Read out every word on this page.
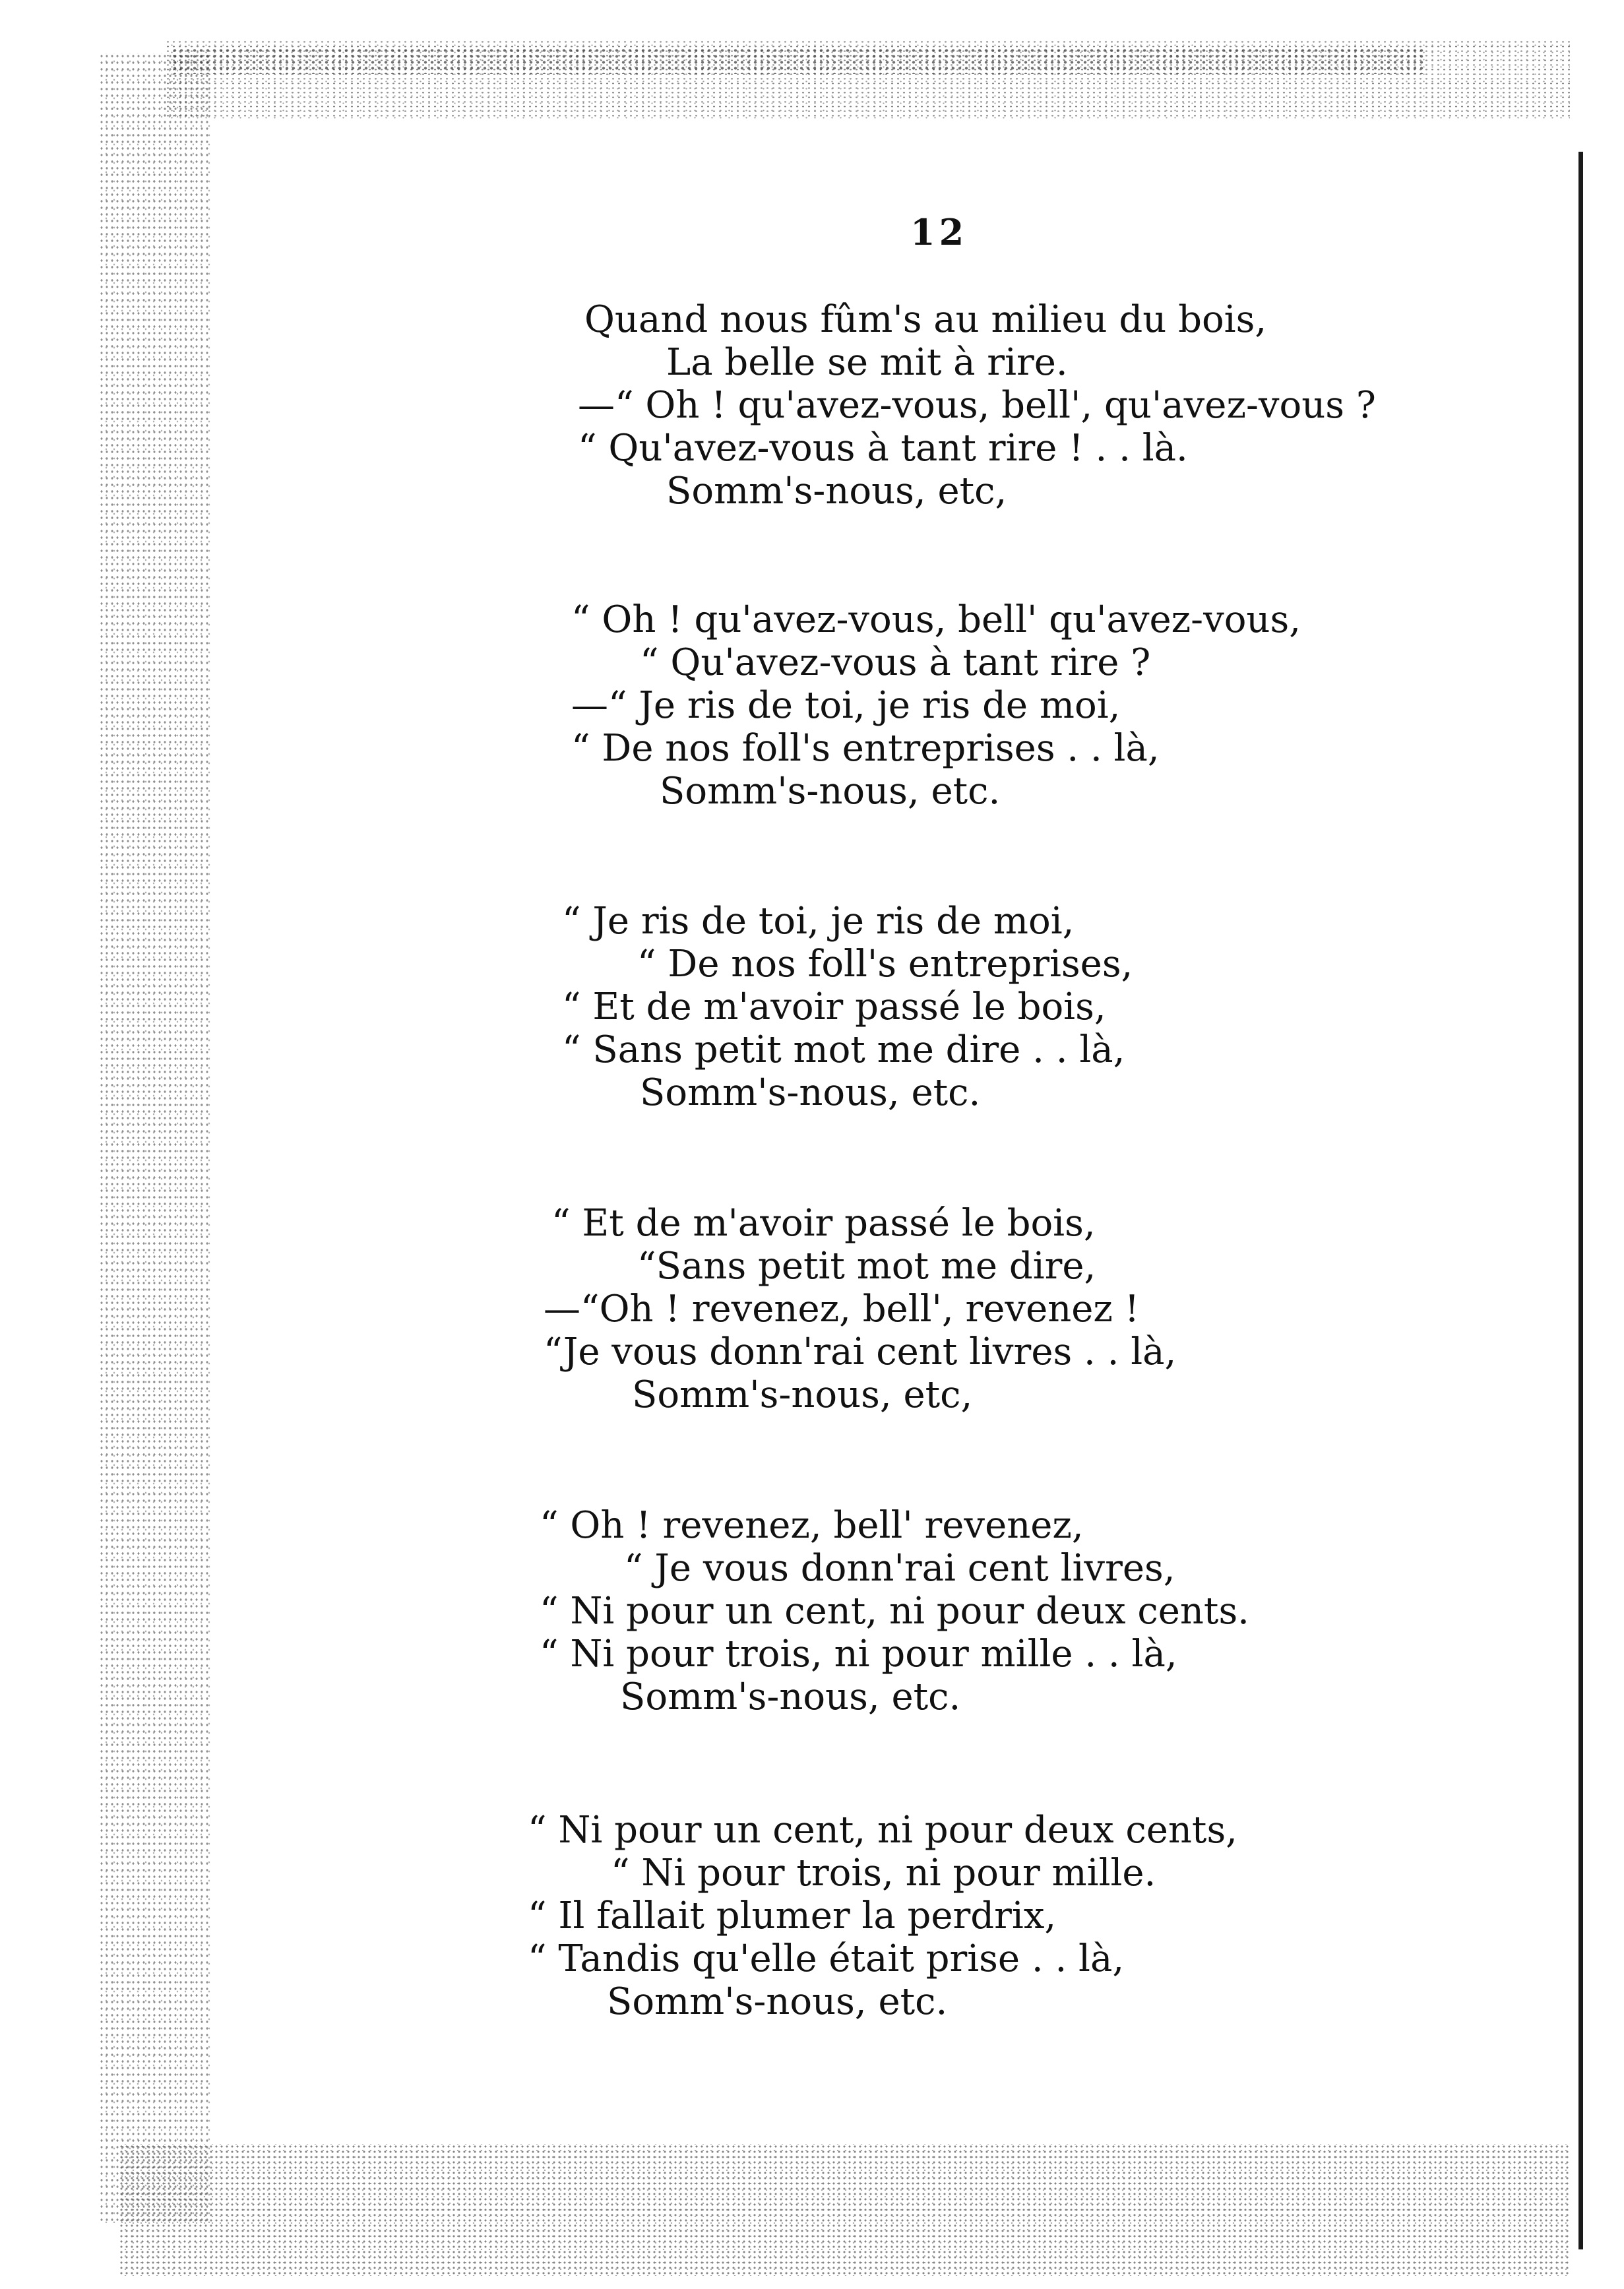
12
Quand nous fûm's au milieu du bois,
La belle se mit à rire.
—“ Oh ! qu'avez-vous, bell', qu'avez-vous ?
“ Qu'avez-vous à tant rire ! . . là.
Somm's-nous, etc,
“ Oh ! qu'avez-vous, bell' qu'avez-vous,
“ Qu'avez-vous à tant rire ?
—“ Je ris de toi, je ris de moi,
“ De nos foll's entreprises . . là,
Somm's-nous, etc.
“ Je ris de toi, je ris de moi,
“ De nos foll's entreprises,
“ Et de m'avoir passé le bois,
“ Sans petit mot me dire . . là,
Somm's-nous, etc.
“ Et de m'avoir passé le bois,
“Sans petit mot me dire,
—“Oh ! revenez, bell', revenez !
“Je vous donn'rai cent livres . . là,
Somm's-nous, etc,
“ Oh ! revenez, bell' revenez,
“ Je vous donn'rai cent livres,
“ Ni pour un cent, ni pour deux cents.
“ Ni pour trois, ni pour mille . . là,
Somm's-nous, etc.
“ Ni pour un cent, ni pour deux cents,
“ Ni pour trois, ni pour mille.
“ Il fallait plumer la perdrix,
“ Tandis qu'elle était prise . . là,
Somm's-nous, etc.
